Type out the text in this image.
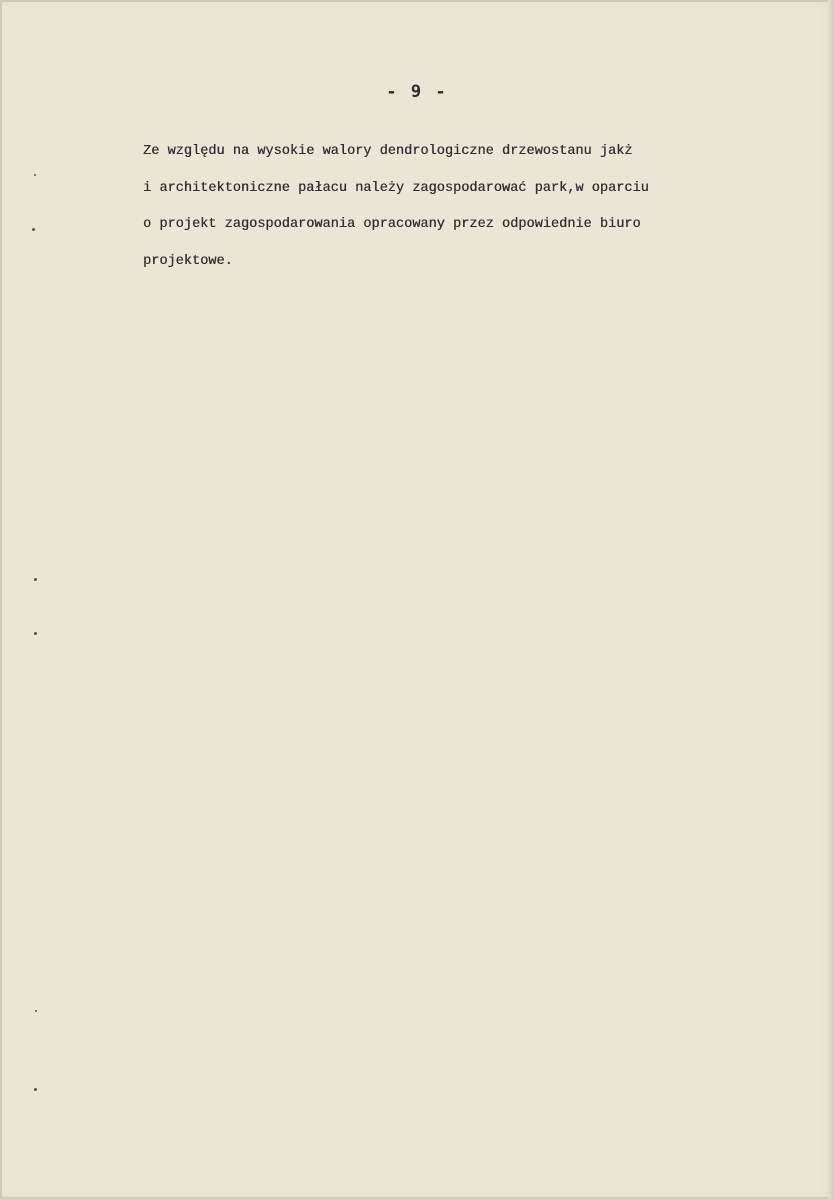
- 9 -
Ze względu na wysokie walory dendrologiczne drzewostanu jakż
i architektoniczne pałacu należy zagospodarować park,w oparciu
o projekt zagospodarowania opracowany przez odpowiednie biuro
projektowe.
